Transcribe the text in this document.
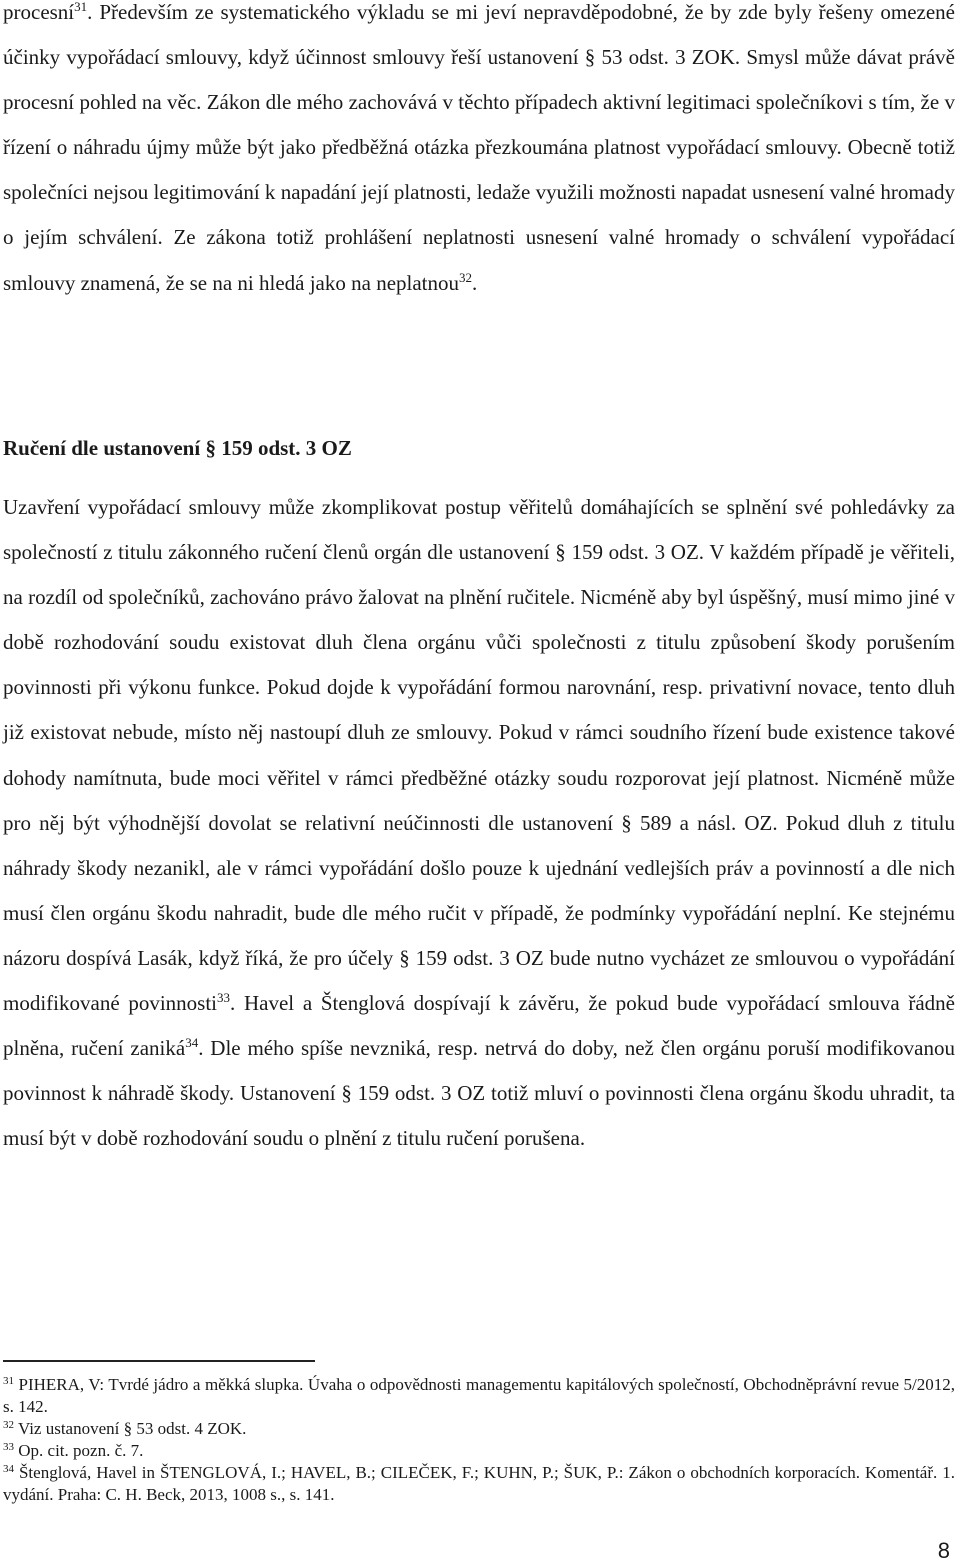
procesní$^{31}$. Především ze systematického výkladu se mi jeví nepravděpodobné, že by zde byly řešeny omezené účinky vypořádací smlouvy, když účinnost smlouvy řeší ustanovení § 53 odst. 3 ZOK. Smysl může dávat právě procesní pohled na věc. Zákon dle mého zachovává v těchto případech aktivní legitimaci společníkovi s tím, že v řízení o náhradu újmy může být jako předběžná otázka přezkoumána platnost vypořádací smlouvy. Obecně totiž společníci nejsou legitimování k napadání její platnosti, ledaže využili možnosti napadat usnesení valné hromady o jejím schválení. Ze zákona totiž prohlášení neplatnosti usnesení valné hromady o schválení vypořádací smlouvy znamená, že se na ni hledá jako na neplatnou$^{32}$.

Ručení dle ustanovení § 159 odst. 3 OZ

Uzavření vypořádací smlouvy může zkomplikovat postup věřitelů domáhajících se splnění své pohledávky za společností z titulu zákonného ručení členů orgán dle ustanovení § 159 odst. 3 OZ. V každém případě je věřiteli, na rozdíl od společníků, zachováno právo žalovat na plnění ručitele. Nicméně aby byl úspěšný, musí mimo jiné v době rozhodování soudu existovat dluh člena orgánu vůči společnosti z titulu způsobení škody porušením povinnosti při výkonu funkce. Pokud dojde k vypořádání formou narovnání, resp. privativní novace, tento dluh již existovat nebude, místo něj nastoupí dluh ze smlouvy. Pokud v rámci soudního řízení bude existence takové dohody namítnuta, bude moci věřitel v rámci předběžné otázky soudu rozporovat její platnost. Nicméně může pro něj být výhodnější dovolat se relativní neúčinnosti dle ustanovení § 589 a násl. OZ. Pokud dluh z titulu náhrady škody nezanikl, ale v rámci vypořádání došlo pouze k ujednání vedlejších práv a povinností a dle nich musí člen orgánu škodu nahradit, bude dle mého ručit v případě, že podmínky vypořádání neplní. Ke stejnému názoru dospívá Lasák, když říká, že pro účely § 159 odst. 3 OZ bude nutno vycházet ze smlouvou o vypořádání modifikované povinnosti$^{33}$. Havel a Štenglová dospívají k závěru, že pokud bude vypořádací smlouva řádně plněna, ručení zaniká$^{34}$. Dle mého spíše nevzniká, resp. netrvá do doby, než člen orgánu poruší modifikovanou povinnost k náhradě škody. Ustanovení § 159 odst. 3 OZ totiž mluví o povinnosti člena orgánu škodu uhradit, ta musí být v době rozhodování soudu o plnění z titulu ručení porušena.

$^{31}$ PIHERA, V: Tvrdé jádro a měkká slupka. Úvaha o odpovědnosti managementu kapitálových společností, Obchodněprávní revue 5/2012, s. 142.

$^{32}$ Viz ustanovení § 53 odst. 4 ZOK.

$^{33}$ Op. cit. pozn. č. 7.

$^{34}$ Štenglová, Havel in ŠTENGLOVÁ, I.; HAVEL, B.; CILEČEK, F.; KUHN, P.; ŠUK, P.: Zákon o obchodních korporacích. Komentář. 1. vydání. Praha: C. H. Beck, 2013, 1008 s., s. 141.

8
